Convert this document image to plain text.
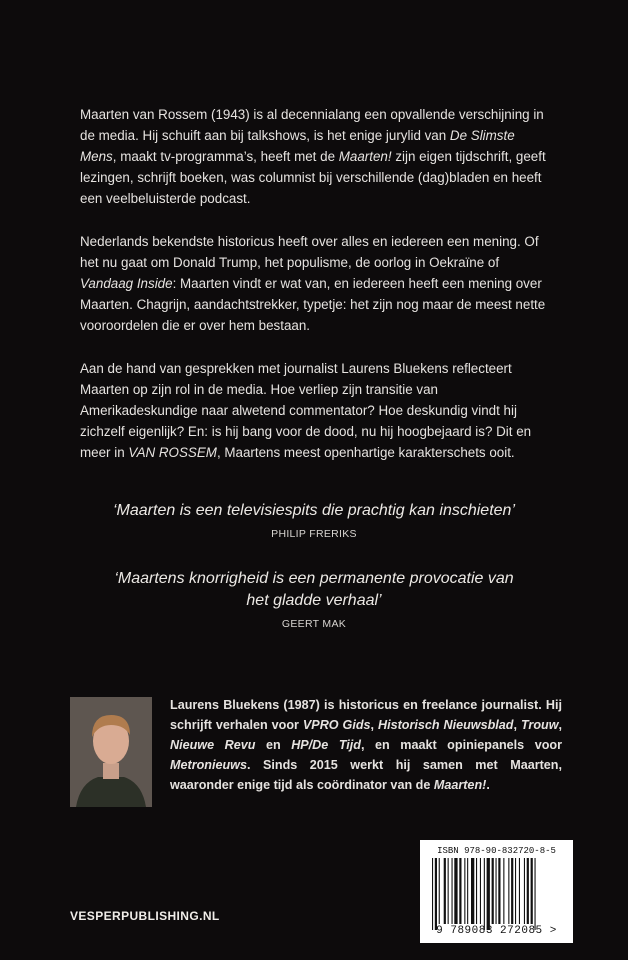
Maarten van Rossem (1943) is al decennialang een opvallende verschijning in de media. Hij schuift aan bij talkshows, is het enige jurylid van De Slimste Mens, maakt tv-programma’s, heeft met de Maarten! zijn eigen tijdschrift, geeft lezingen, schrijft boeken, was columnist bij verschillende (dag)bladen en heeft een veelbeluisterde podcast.

Nederlands bekendste historicus heeft over alles en iedereen een mening. Of het nu gaat om Donald Trump, het populisme, de oorlog in Oekraïne of Vandaag Inside: Maarten vindt er wat van, en iedereen heeft een mening over Maarten. Chagrijn, aandachtstrekker, typetje: het zijn nog maar de meest nette vooroordelen die er over hem bestaan.

Aan de hand van gesprekken met journalist Laurens Bluekens reflecteert Maarten op zijn rol in de media. Hoe verliep zijn transitie van Amerikadeskundige naar alwetend commentator? Hoe deskundig vindt hij zichzelf eigenlijk? En: is hij bang voor de dood, nu hij hoogbejaard is? Dit en meer in VAN ROSSEM, Maartens meest openhartige karakterschets ooit.

‘Maarten is een televisiespits die prachtig kan inschieten’
PHILIP FRERIKS
‘Maartens knorrigheid is een permanente provocatie van het gladde verhaal’
GEERT MAK
Laurens Bluekens (1987) is historicus en freelance journalist. Hij schrijft verhalen voor VPRO Gids, Historisch Nieuwsblad, Trouw, Nieuwe Revu en HP/De Tijd, en maakt opiniepanels voor Metronieuws. Sinds 2015 werkt hij samen met Maarten, waaronder enige tijd als coördinator van de Maarten!.
ISBN 978-90-832720-8-5
9 789083 272085 >
VESPERPUBLISHING.NL
